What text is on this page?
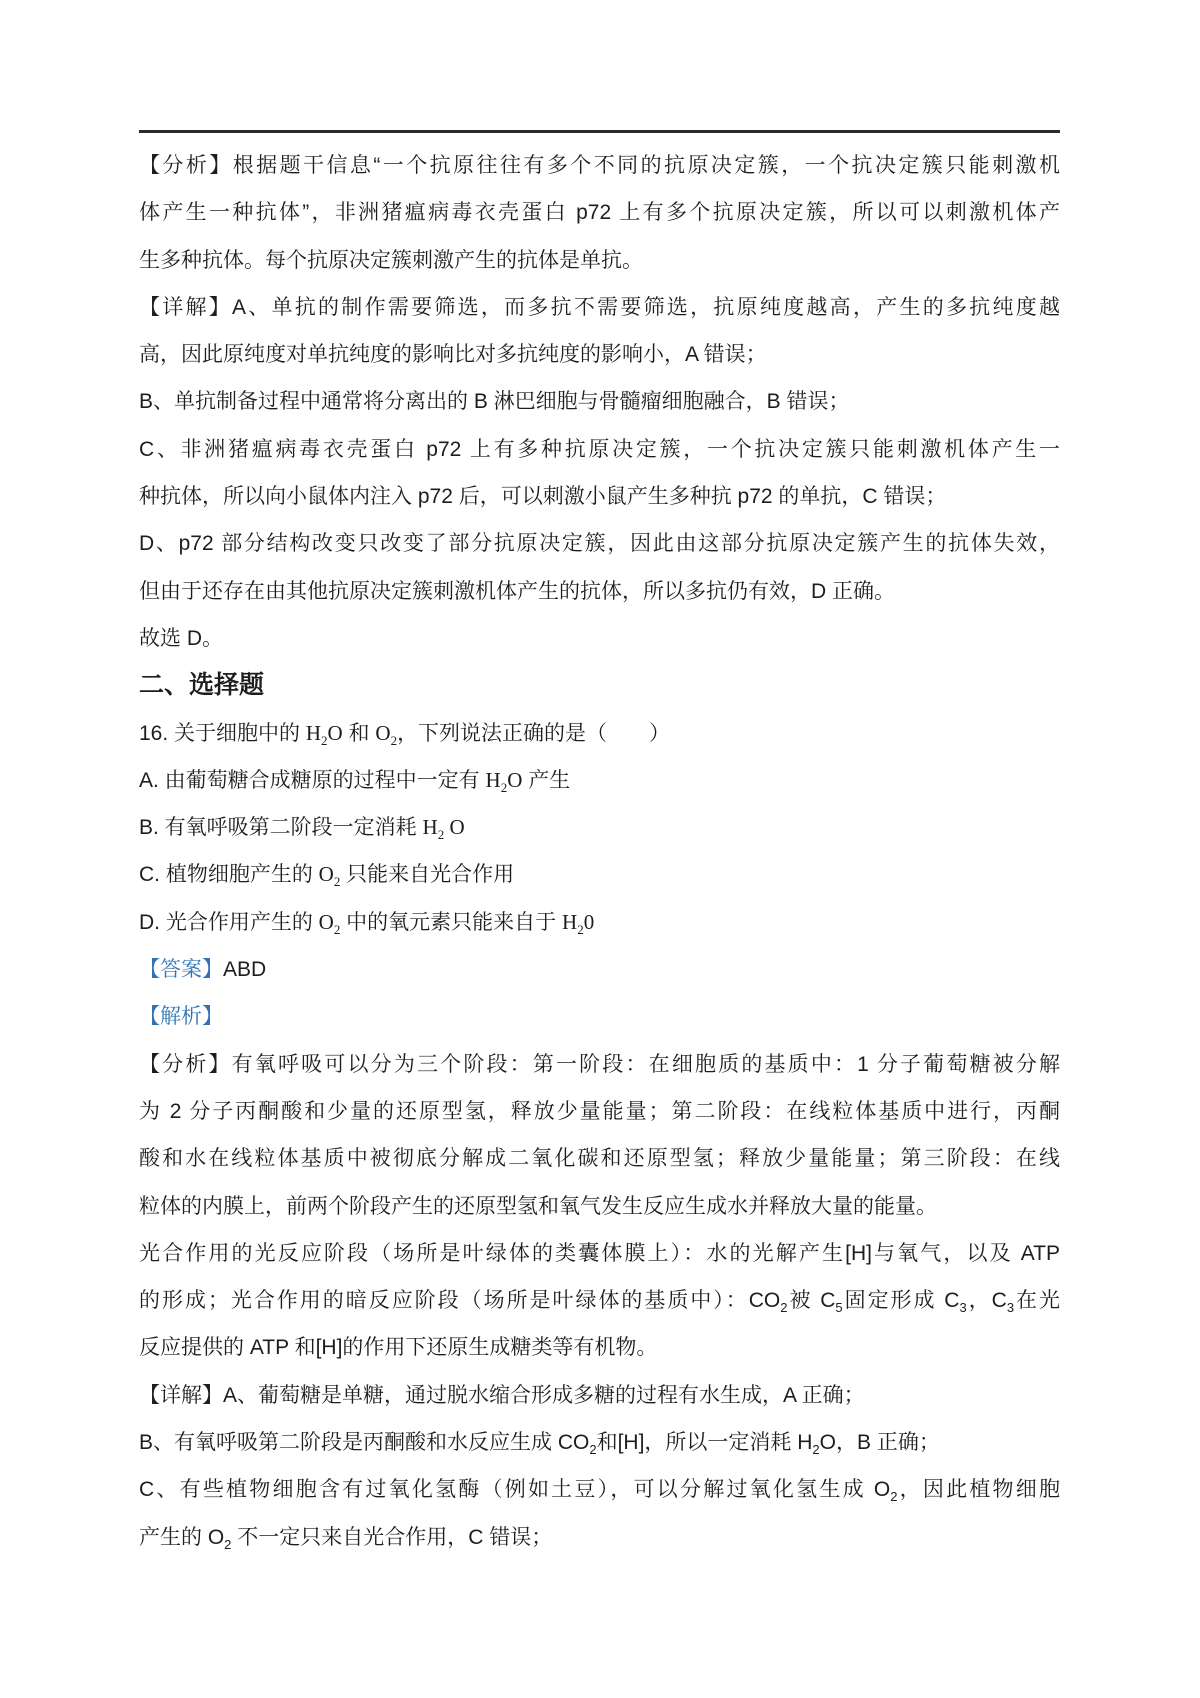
【分析】根据题干信息“一个抗原往往有多个不同的抗原决定簇，一个抗决定簇只能刺激机
体产生一种抗体”，非洲猪瘟病毒衣壳蛋白 p72 上有多个抗原决定簇，所以可以刺激机体产
生多种抗体。每个抗原决定簇刺激产生的抗体是单抗。
【详解】A、单抗的制作需要筛选，而多抗不需要筛选，抗原纯度越高，产生的多抗纯度越
高，因此原纯度对单抗纯度的影响比对多抗纯度的影响小，A 错误；
B、单抗制备过程中通常将分离出的 B 淋巴细胞与骨髓瘤细胞融合，B 错误；
C、非洲猪瘟病毒衣壳蛋白 p72 上有多种抗原决定簇，一个抗决定簇只能刺激机体产生一
种抗体，所以向小鼠体内注入 p72 后，可以刺激小鼠产生多种抗 p72 的单抗，C 错误；
D、p72 部分结构改变只改变了部分抗原决定簇，因此由这部分抗原决定簇产生的抗体失效，
但由于还存在由其他抗原决定簇刺激机体产生的抗体，所以多抗仍有效，D 正确。
故选 D。
二、选择题
16. 关于细胞中的 $H_2O$ 和 $O_2$，下列说法正确的是（　　）
A. 由葡萄糖合成糖原的过程中一定有 $H_2O$ 产生
B. 有氧呼吸第二阶段一定消耗 $H_2$ O
C. 植物细胞产生的 $O_2$ 只能来自光合作用
D. 光合作用产生的 $O_2$ 中的氧元素只能来自于 $H_20$
【答案】ABD
【解析】
【分析】有氧呼吸可以分为三个阶段：第一阶段：在细胞质的基质中：1 分子葡萄糖被分解
为 2 分子丙酮酸和少量的还原型氢，释放少量能量；第二阶段：在线粒体基质中进行，丙酮
酸和水在线粒体基质中被彻底分解成二氧化碳和还原型氢；释放少量能量；第三阶段：在线
粒体的内膜上，前两个阶段产生的还原型氢和氧气发生反应生成水并释放大量的能量。
光合作用的光反应阶段（场所是叶绿体的类囊体膜上）：水的光解产生[H]与氧气，以及 ATP
的形成；光合作用的暗反应阶段（场所是叶绿体的基质中）：$CO_2$被 $C_5$固定形成 $C_3$，$C_3$在光
反应提供的 ATP 和[H]的作用下还原生成糖类等有机物。
【详解】A、葡萄糖是单糖，通过脱水缩合形成多糖的过程有水生成，A 正确；
B、有氧呼吸第二阶段是丙酮酸和水反应生成 $CO_2$和[H]，所以一定消耗 $H_2O$，B 正确；
C、有些植物细胞含有过氧化氢酶（例如土豆），可以分解过氧化氢生成 $O_2$，因此植物细胞
产生的 $O_2$ 不一定只来自光合作用，C 错误；
